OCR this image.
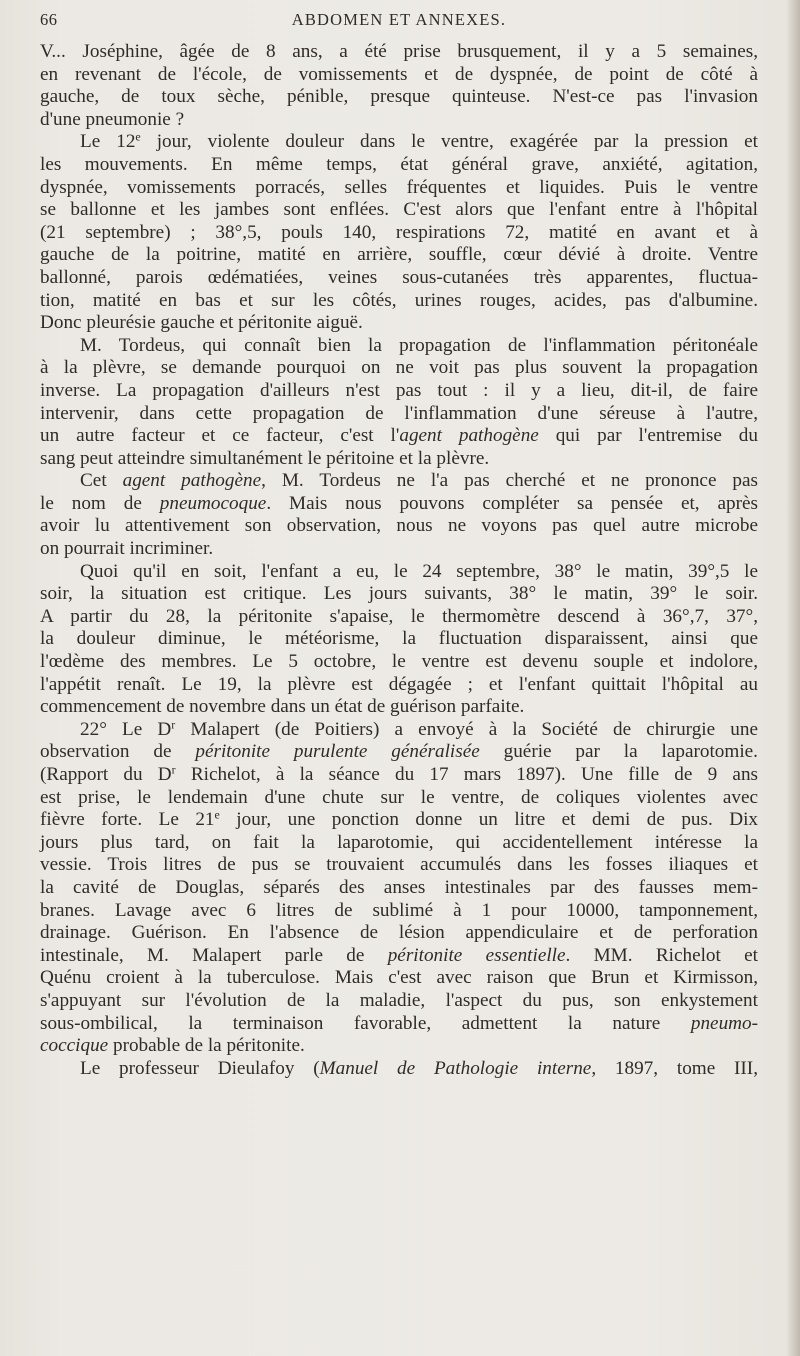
66	ABDOMEN ET ANNEXES.
V... Joséphine, âgée de 8 ans, a été prise brusquement, il y a 5 semaines,
en revenant de l'école, de vomissements et de dyspnée, de point de côté à
gauche, de toux sèche, pénible, presque quinteuse. N'est-ce pas l'invasion
d'une pneumonie ?
Le 12e jour, violente douleur dans le ventre, exagérée par la pression et
les mouvements. En même temps, état général grave, anxiété, agitation,
dyspnée, vomissements porracés, selles fréquentes et liquides. Puis le ventre
se ballonne et les jambes sont enflées. C'est alors que l'enfant entre à l'hôpital
(21 septembre) ; 38°,5, pouls 140, respirations 72, matité en avant et à
gauche de la poitrine, matité en arrière, souffle, cœur dévié à droite. Ventre
ballonné, parois œdématiées, veines sous-cutanées très apparentes, fluctua-
tion, matité en bas et sur les côtés, urines rouges, acides, pas d'albumine.
Donc pleurésie gauche et péritonite aiguë.
M. Tordeus, qui connaît bien la propagation de l'inflammation péritonéale
à la plèvre, se demande pourquoi on ne voit pas plus souvent la propagation
inverse. La propagation d'ailleurs n'est pas tout : il y a lieu, dit-il, de faire
intervenir, dans cette propagation de l'inflammation d'une séreuse à l'autre,
un autre facteur et ce facteur, c'est l'agent pathogène qui par l'entremise du
sang peut atteindre simultanément le péritoine et la plèvre.
Cet agent pathogène, M. Tordeus ne l'a pas cherché et ne prononce pas
le nom de pneumocoque. Mais nous pouvons compléter sa pensée et, après
avoir lu attentivement son observation, nous ne voyons pas quel autre microbe
on pourrait incriminer.
Quoi qu'il en soit, l'enfant a eu, le 24 septembre, 38° le matin, 39°,5 le
soir, la situation est critique. Les jours suivants, 38° le matin, 39° le soir.
A partir du 28, la péritonite s'apaise, le thermomètre descend à 36°,7, 37°,
la douleur diminue, le météorisme, la fluctuation disparaissent, ainsi que
l'œdème des membres. Le 5 octobre, le ventre est devenu souple et indolore,
l'appétit renaît. Le 19, la plèvre est dégagée ; et l'enfant quittait l'hôpital au
commencement de novembre dans un état de guérison parfaite.
22° Le $D^r$ Malapert (de Poitiers) a envoyé à la Société de chirurgie une
observation de péritonite purulente généralisée guérie par la laparotomie.
(Rapport du $D^r$ Richelot, à la séance du 17 mars 1897). Une fille de 9 ans
est prise, le lendemain d'une chute sur le ventre, de coliques violentes avec
fièvre forte. Le 21e jour, une ponction donne un litre et demi de pus. Dix
jours plus tard, on fait la laparotomie, qui accidentellement intéresse la
vessie. Trois litres de pus se trouvaient accumulés dans les fosses iliaques et
la cavité de Douglas, séparés des anses intestinales par des fausses mem-
branes. Lavage avec 6 litres de sublimé à 1 pour 10000, tamponnement,
drainage. Guérison. En l'absence de lésion appendiculaire et de perforation
intestinale, M. Malapert parle de péritonite essentielle. MM. Richelot et
Quénu croient à la tuberculose. Mais c'est avec raison que Brun et Kirmisson,
s'appuyant sur l'évolution de la maladie, l'aspect du pus, son enkystement
sous-ombilical, la terminaison favorable, admettent la nature pneumo-
coccique probable de la péritonite.
Le professeur Dieulafoy (Manuel de Pathologie interne, 1897, tome III,
